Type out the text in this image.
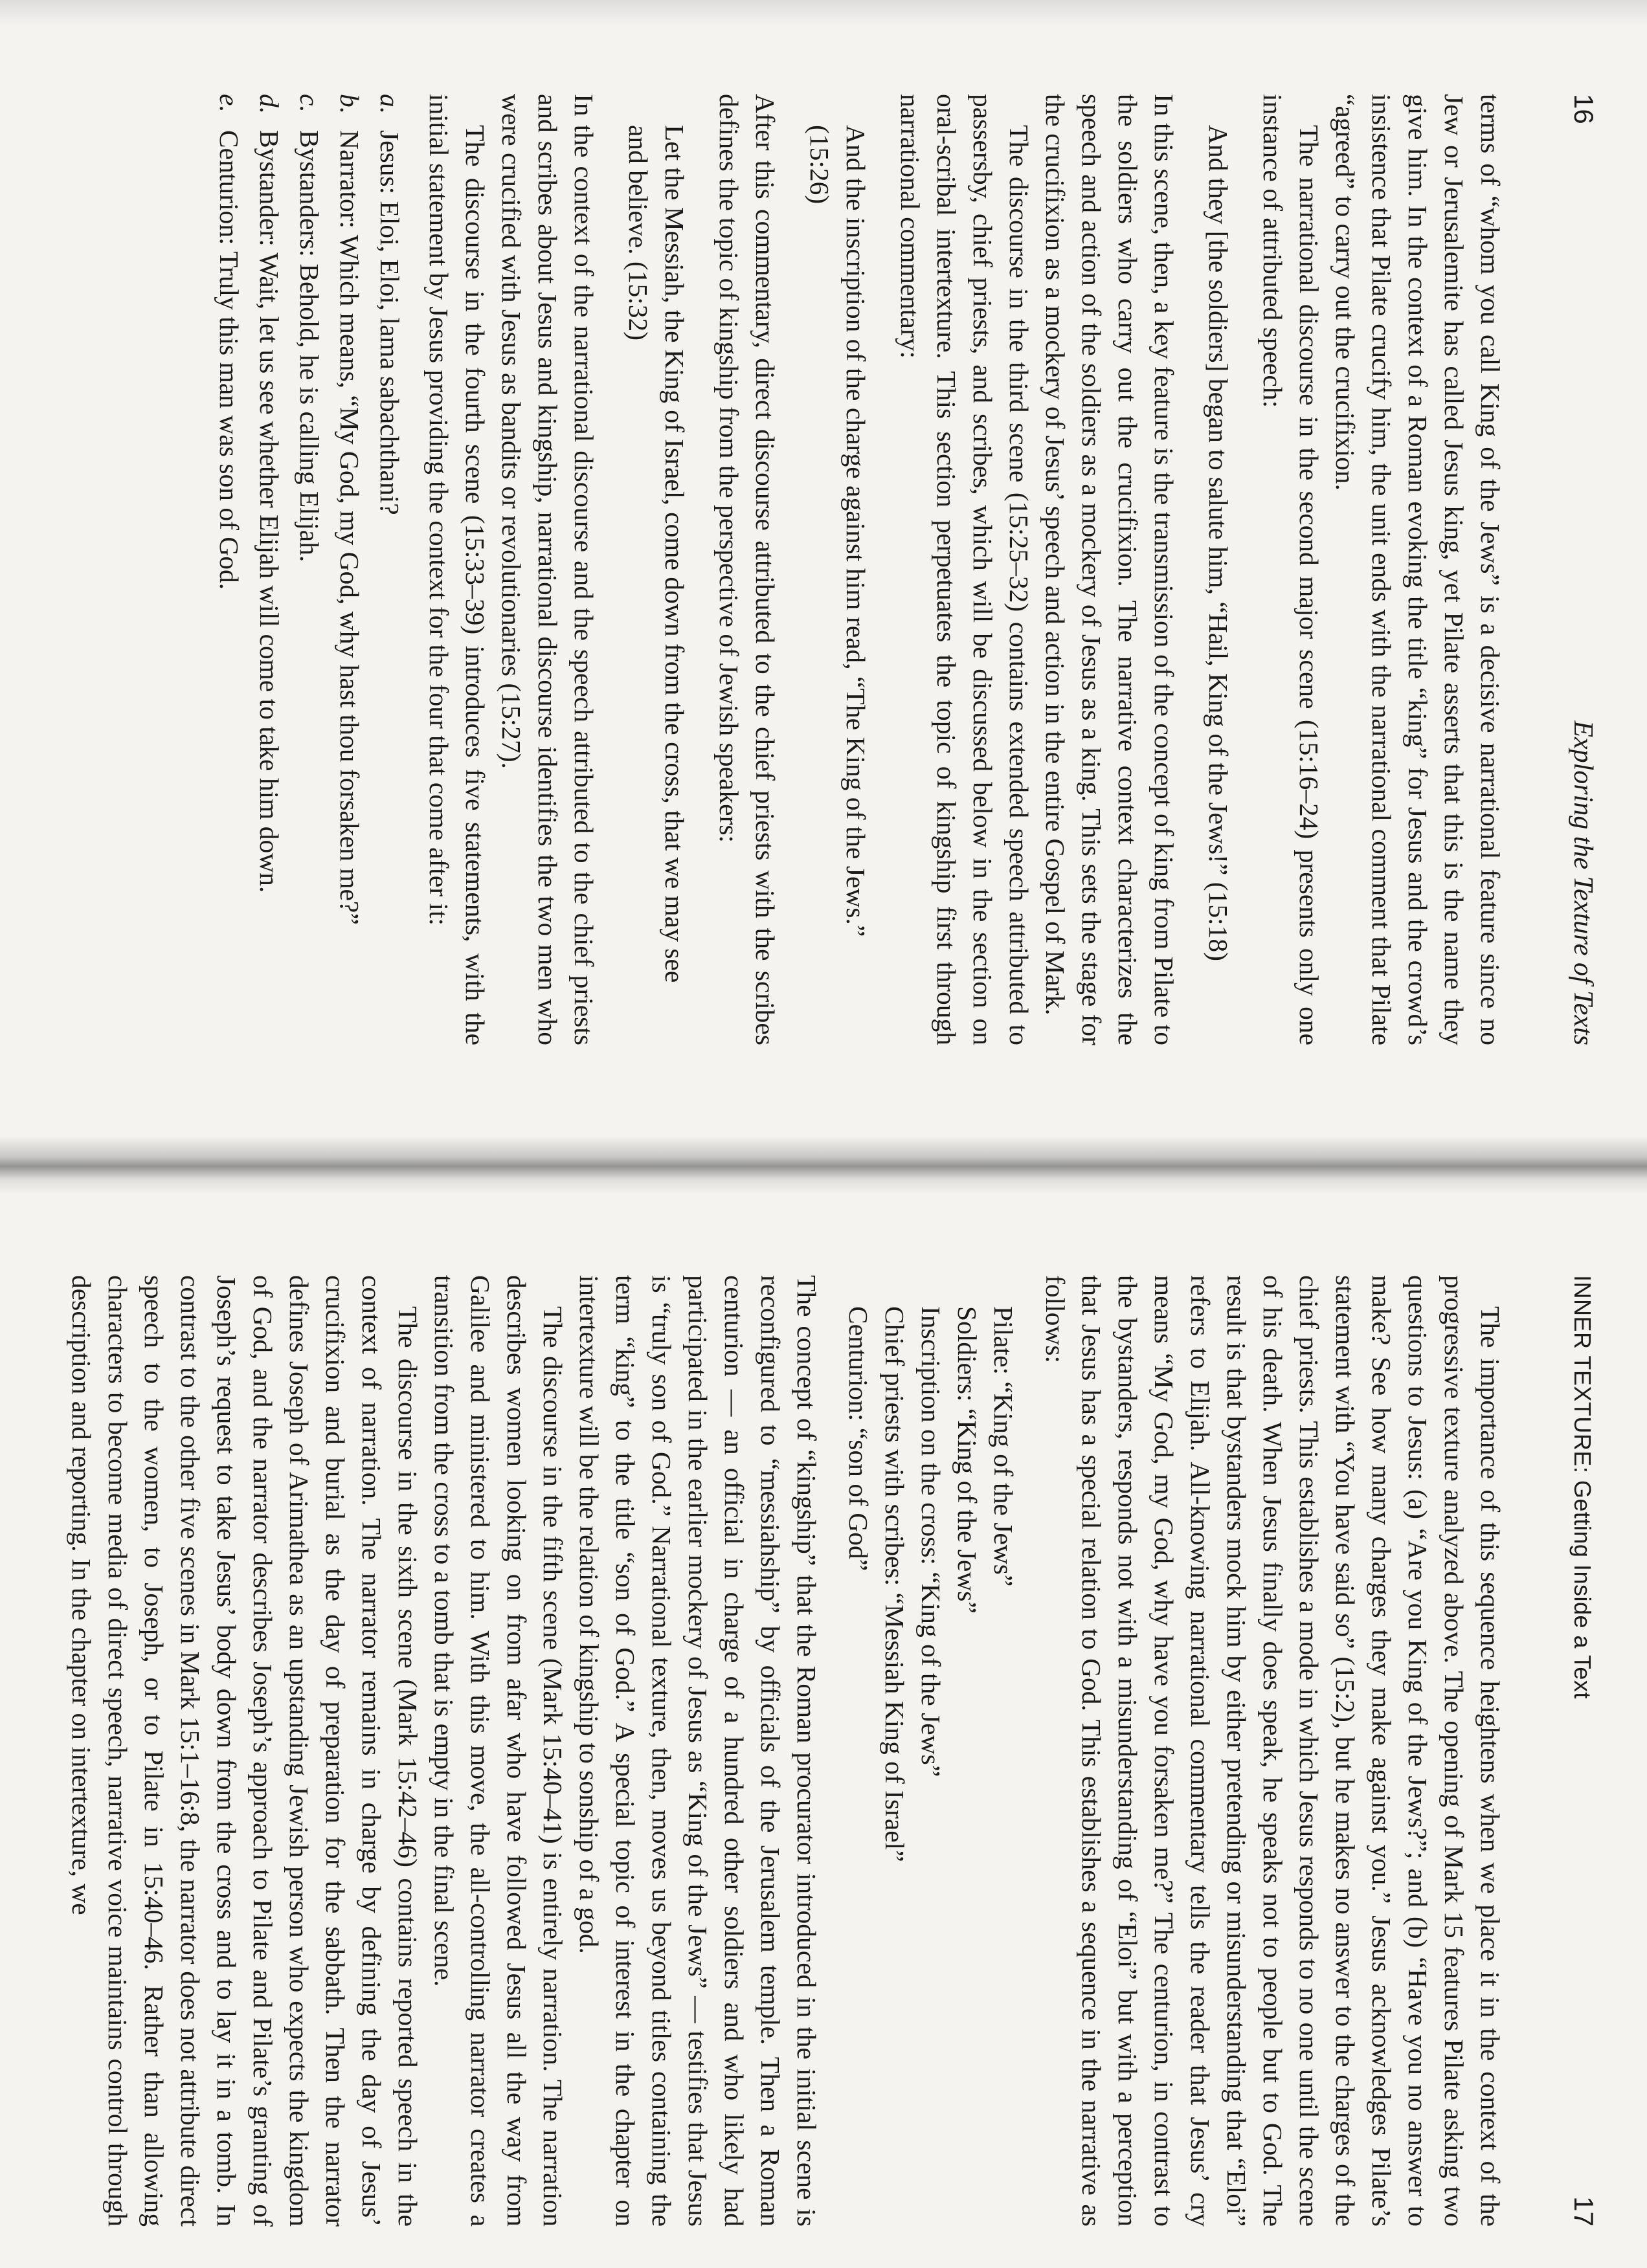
16
Exploring the Texture of Texts

terms of “whom you call King of the Jews” is a decisive narrational feature since no Jew or Jerusalemite has called Jesus king, yet Pilate asserts that this is the name they give him. In the context of a Roman evoking the title “king” for Jesus and the crowd’s insistence that Pilate crucify him, the unit ends with the narrational comment that Pilate “agreed” to carry out the crucifixion.

The narrational discourse in the second major scene (15:16–24) presents only one instance of attributed speech:

And they [the soldiers] began to salute him, “Hail, King of the Jews!” (15:18)

In this scene, then, a key feature is the transmission of the concept of king from Pilate to the soldiers who carry out the crucifixion. The narrative context characterizes the speech and action of the soldiers as a mockery of Jesus as a king. This sets the stage for the crucifixion as a mockery of Jesus’ speech and action in the entire Gospel of Mark.

The discourse in the third scene (15:25–32) contains extended speech attributed to passersby, chief priests, and scribes, which will be discussed below in the section on oral-scribal intertexture. This section perpetuates the topic of kingship first through narrational commentary:

And the inscription of the charge against him read, “The King of the Jews.” (15:26)

After this commentary, direct discourse attributed to the chief priests with the scribes defines the topic of kingship from the perspective of Jewish speakers:

Let the Messiah, the King of Israel, come down from the cross, that we may see and believe. (15:32)

In the context of the narrational discourse and the speech attributed to the chief priests and scribes about Jesus and kingship, narrational discourse identifies the two men who were crucified with Jesus as bandits or revolutionaries (15:27).

The discourse in the fourth scene (15:33–39) introduces five statements, with the initial statement by Jesus providing the context for the four that come after it:

a.
Jesus: Eloi, Eloi, lama sabachthani?
b.
Narrator: Which means, “My God, my God, why hast thou forsaken me?”
c.
Bystanders: Behold, he is calling Elijah.
d.
Bystander: Wait, let us see whether Elijah will come to take him down.
e.
Centurion: Truly this man was son of God.
INNER TEXTURE: Getting Inside a Text
17

The importance of this sequence heightens when we place it in the context of the progressive texture analyzed above. The opening of Mark 15 features Pilate asking two questions to Jesus: (a) “Are you King of the Jews?”; and (b) “Have you no answer to make? See how many charges they make against you.” Jesus acknowledges Pilate’s statement with “You have said so” (15:2), but he makes no answer to the charges of the chief priests. This establishes a mode in which Jesus responds to no one until the scene of his death. When Jesus finally does speak, he speaks not to people but to God. The result is that bystanders mock him by either pretending or misunderstanding that “Eloi” refers to Elijah. All-knowing narrational commentary tells the reader that Jesus’ cry means “My God, my God, why have you forsaken me?” The centurion, in contrast to the bystanders, responds not with a misunderstanding of “Eloi” but with a perception that Jesus has a special relation to God. This establishes a sequence in the narrative as follows:

Pilate: “King of the Jews”
Soldiers: “King of the Jews”
Inscription on the cross: “King of the Jews”
Chief priests with scribes: “Messiah King of Israel”
Centurion: “son of God”

The concept of “kingship” that the Roman procurator introduced in the initial scene is reconfigured to “messiahship” by officials of the Jerusalem temple. Then a Roman centurion — an official in charge of a hundred other soldiers and who likely had participated in the earlier mockery of Jesus as “King of the Jews” — testifies that Jesus is “truly son of God.” Narrational texture, then, moves us beyond titles containing the term “king” to the title “son of God.” A special topic of interest in the chapter on intertexture will be the relation of kingship to sonship of a god.

The discourse in the fifth scene (Mark 15:40–41) is entirely narration. The narration describes women looking on from afar who have followed Jesus all the way from Galilee and ministered to him. With this move, the all-controlling narrator creates a transition from the cross to a tomb that is empty in the final scene.

The discourse in the sixth scene (Mark 15:42–46) contains reported speech in the context of narration. The narrator remains in charge by defining the day of Jesus’ crucifixion and burial as the day of preparation for the sabbath. Then the narrator defines Joseph of Arimathea as an upstanding Jewish person who expects the kingdom of God, and the narrator describes Joseph’s approach to Pilate and Pilate’s granting of Joseph’s request to take Jesus’ body down from the cross and to lay it in a tomb. In contrast to the other five scenes in Mark 15:1–16:8, the narrator does not attribute direct speech to the women, to Joseph, or to Pilate in 15:40–46. Rather than allowing characters to become media of direct speech, narrative voice maintains control through description and reporting. In the chapter on intertexture, we
